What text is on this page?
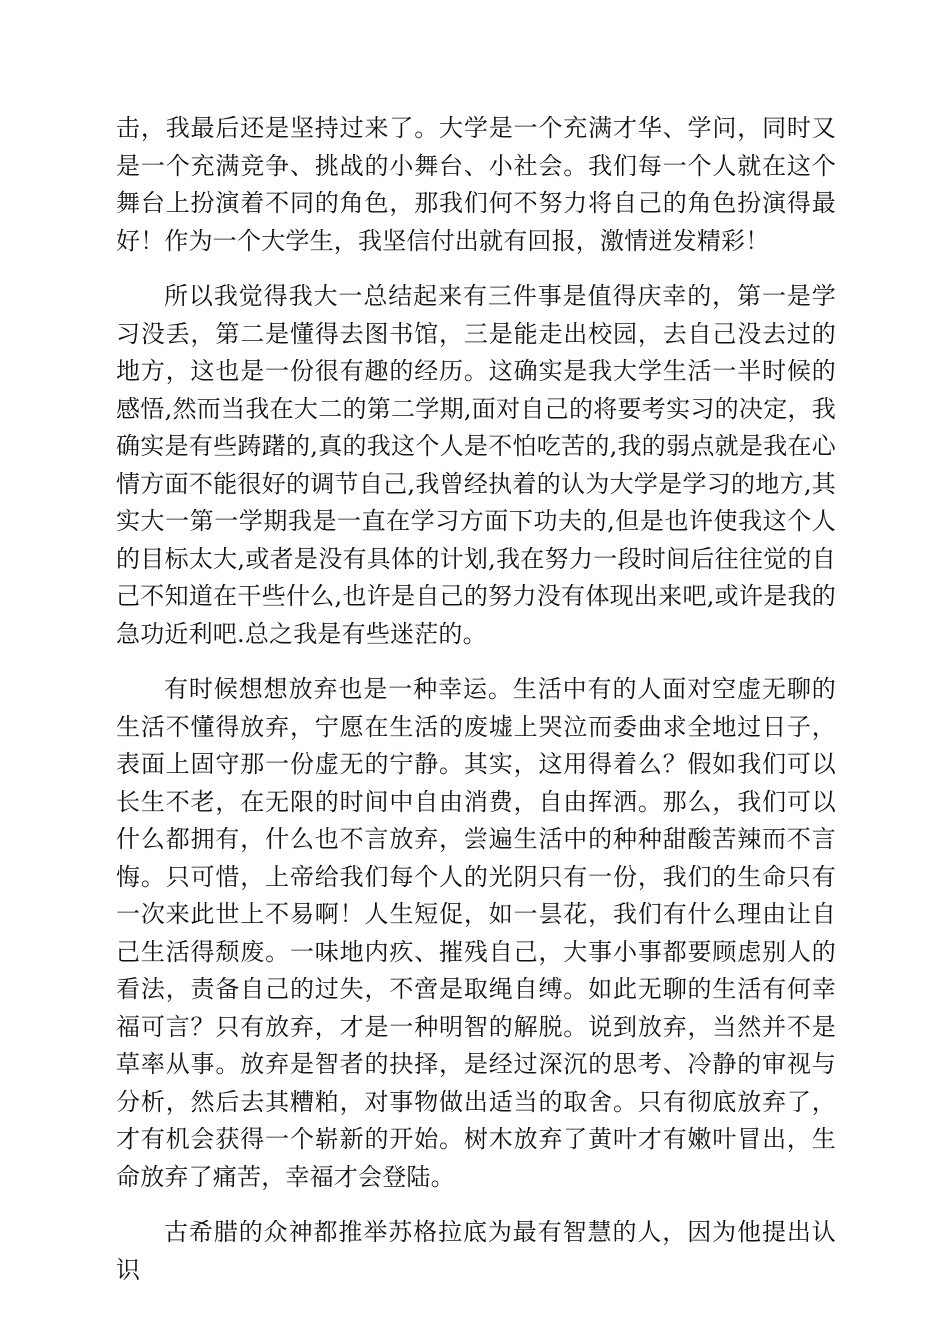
击，我最后还是坚持过来了。大学是一个充满才华、学问，同时又是一个充满竞争、挑战的小舞台、小社会。我们每一个人就在这个舞台上扮演着不同的角色，那我们何不努力将自己的角色扮演得最好！作为一个大学生，我坚信付出就有回报，激情迸发精彩！

所以我觉得我大一总结起来有三件事是值得庆幸的，第一是学习没丢，第二是懂得去图书馆，三是能走出校园，去自己没去过的地方，这也是一份很有趣的经历。这确实是我大学生活一半时候的感悟,然而当我在大二的第二学期,面对自己的将要考实习的决定，我确实是有些踌躇的,真的我这个人是不怕吃苦的,我的弱点就是我在心情方面不能很好的调节自己,我曾经执着的认为大学是学习的地方,其实大一第一学期我是一直在学习方面下功夫的,但是也许使我这个人的目标太大,或者是没有具体的计划,我在努力一段时间后往往觉的自己不知道在干些什么,也许是自己的努力没有体现出来吧,或许是我的急功近利吧.总之我是有些迷茫的。

有时候想想放弃也是一种幸运。生活中有的人面对空虚无聊的生活不懂得放弃，宁愿在生活的废墟上哭泣而委曲求全地过日子，表面上固守那一份虚无的宁静。其实，这用得着么？假如我们可以长生不老，在无限的时间中自由消费，自由挥洒。那么，我们可以什么都拥有，什么也不言放弃，尝遍生活中的种种甜酸苦辣而不言悔。只可惜，上帝给我们每个人的光阴只有一份，我们的生命只有一次来此世上不易啊！人生短促，如一昙花，我们有什么理由让自己生活得颓废。一味地内疚、摧残自己，大事小事都要顾虑别人的看法，责备自己的过失，不啻是取绳自缚。如此无聊的生活有何幸福可言？只有放弃，才是一种明智的解脱。说到放弃，当然并不是草率从事。放弃是智者的抉择，是经过深沉的思考、冷静的审视与分析，然后去其糟粕，对事物做出适当的取舍。只有彻底放弃了，才有机会获得一个崭新的开始。树木放弃了黄叶才有嫩叶冒出，生命放弃了痛苦，幸福才会登陆。

古希腊的众神都推举苏格拉底为最有智慧的人，因为他提出认识
